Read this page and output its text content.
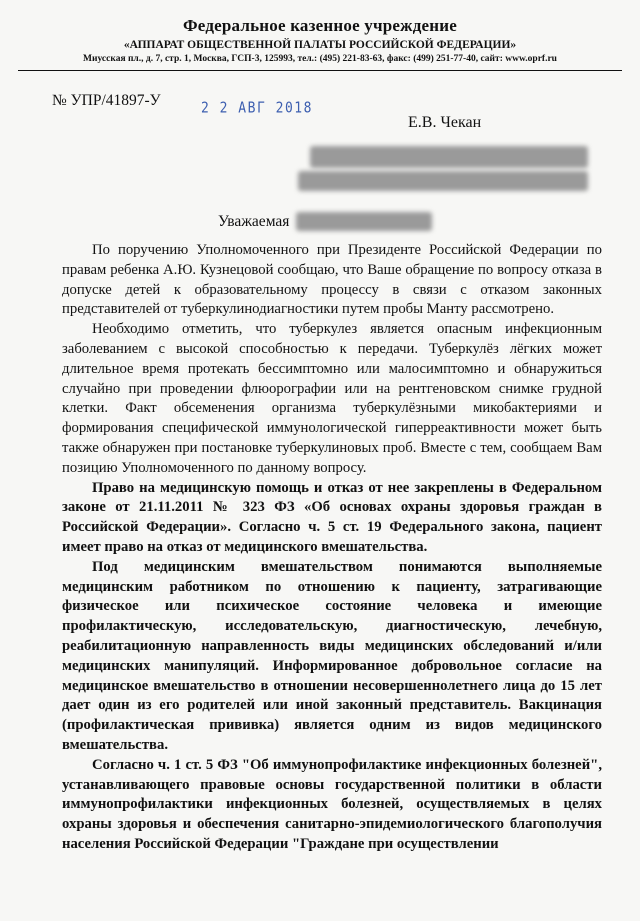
Федеральное казенное учреждение
«АППАРАТ ОБЩЕСТВЕННОЙ ПАЛАТЫ РОССИЙСКОЙ ФЕДЕРАЦИИ»
Миусская пл., д. 7, стр. 1, Москва, ГСП-3, 125993, тел.: (495) 221-83-63, факс: (499) 251-77-40, сайт: www.oprf.ru
№ УПР/41897-У	2 2 АВГ 2018
Е.В. Чекан
Уважаемая

По поручению Уполномоченного при Президенте Российской Федерации по правам ребенка А.Ю. Кузнецовой сообщаю, что Ваше обращение по вопросу отказа в допуске детей к образовательному процессу в связи с отказом законных представителей от туберкулинодиагностики путем пробы Манту рассмотрено.

Необходимо отметить, что туберкулез является опасным инфекционным заболеванием с высокой способностью к передачи. Туберкулёз лёгких может длительное время протекать бессимптомно или малосимптомно и обнаружиться случайно при проведении флюорографии или на рентгеновском снимке грудной клетки. Факт обсеменения организма туберкулёзными микобактериями и формирования специфической иммунологической гиперреактивности может быть также обнаружен при постановке туберкулиновых проб. Вместе с тем, сообщаем Вам позицию Уполномоченного по данному вопросу.

Право на медицинскую помощь и отказ от нее закреплены в Федеральном законе от 21.11.2011 № 323 ФЗ «Об основах охраны здоровья граждан в Российской Федерации». Согласно ч. 5 ст. 19 Федерального закона, пациент имеет право на отказ от медицинского вмешательства.

Под медицинским вмешательством понимаются выполняемые медицинским работником по отношению к пациенту, затрагивающие физическое или психическое состояние человека и имеющие профилактическую, исследовательскую, диагностическую, лечебную, реабилитационную направленность виды медицинских обследований и/или медицинских манипуляций. Информированное добровольное согласие на медицинское вмешательство в отношении несовершеннолетнего лица до 15 лет дает один из его родителей или иной законный представитель. Вакцинация (профилактическая прививка) является одним из видов медицинского вмешательства.

Согласно ч. 1 ст. 5 ФЗ "Об иммунопрофилактике инфекционных болезней", устанавливающего правовые основы государственной политики в области иммунопрофилактики инфекционных болезней, осуществляемых в целях охраны здоровья и обеспечения санитарно-эпидемиологического благополучия населения Российской Федерации "Граждане при осуществлении
